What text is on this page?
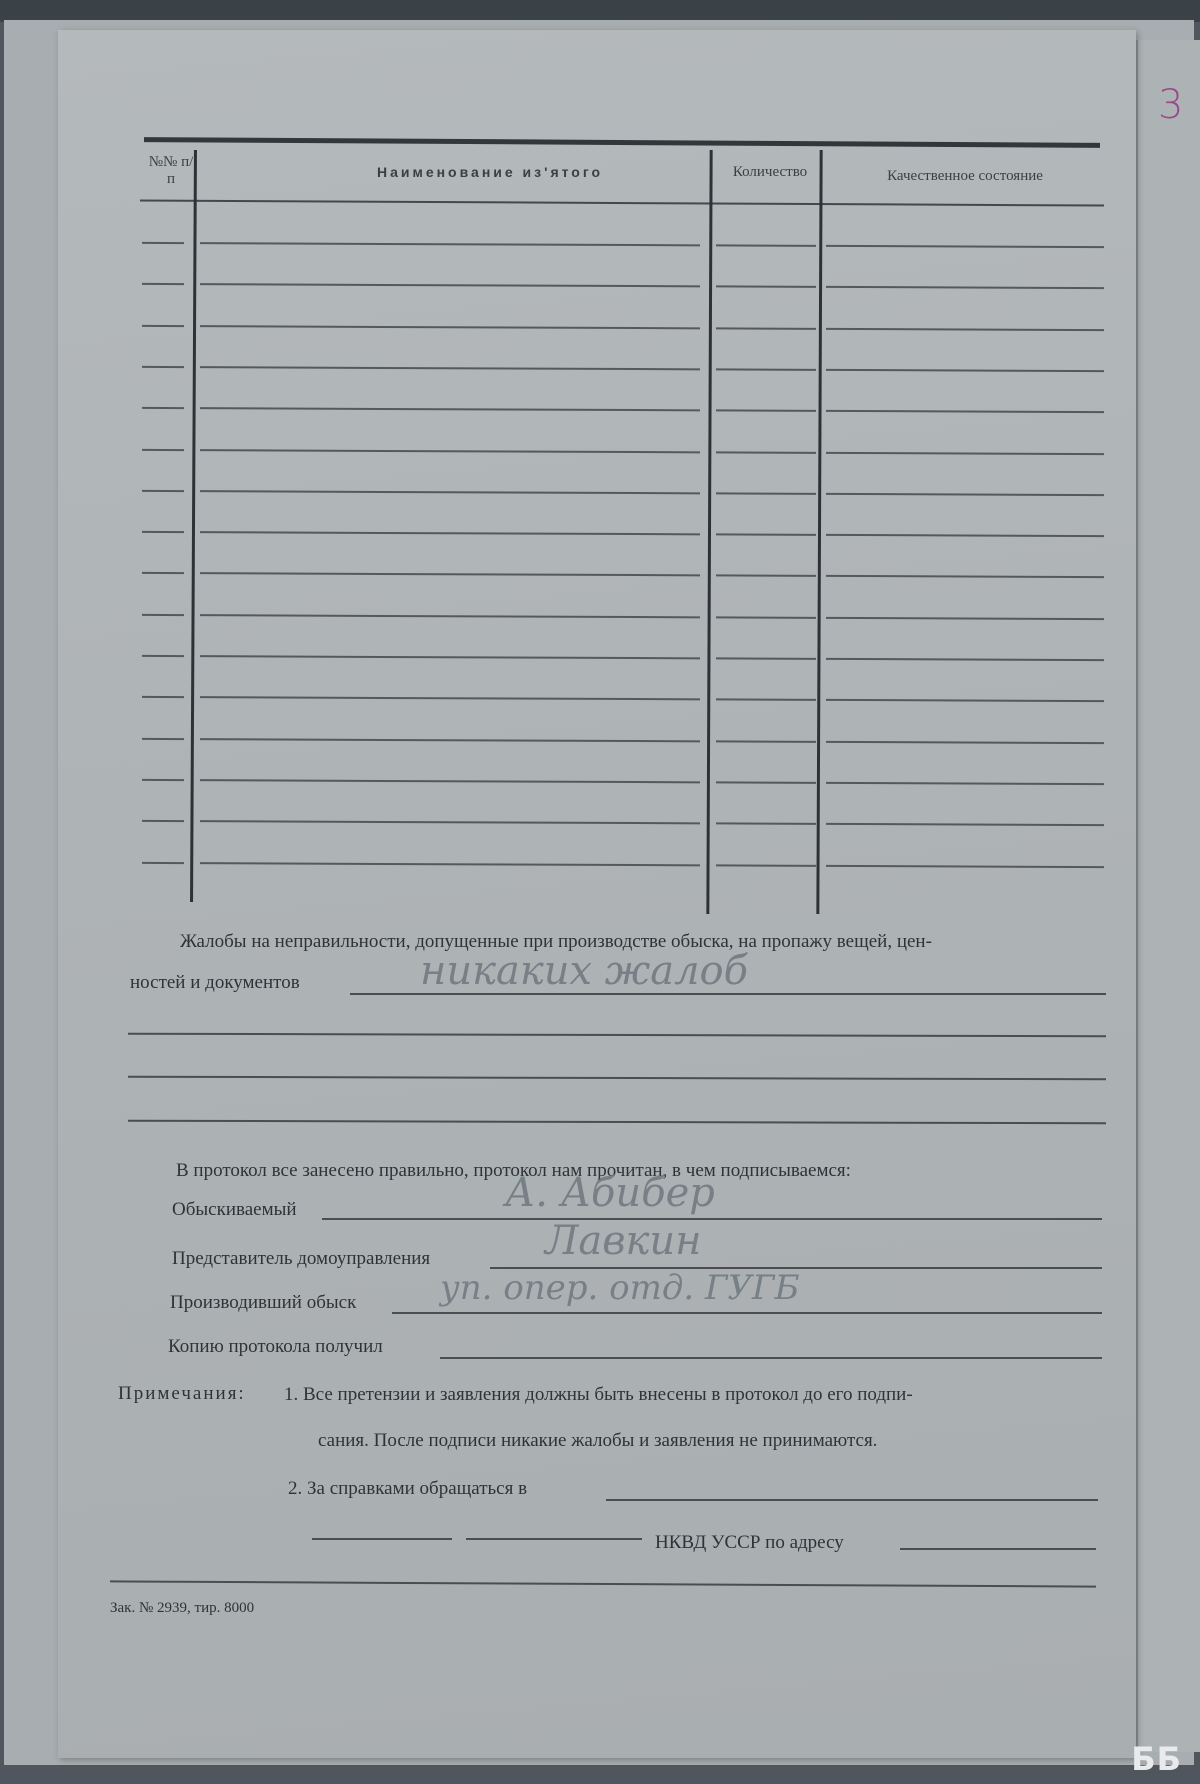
3
№№ п/п	Наименование из'ятого	Количество	Качественное состояние
Жалобы на неправильности, допущенные при производстве обыска, на пропажу вещей, цен-
ностей и документов	никаких жалоб
В протокол все занесено правильно, протокол нам прочитан, в чем подписываемся:
Обыскиваемый	А. Абибер
Представитель домоуправления	Лавкин
Производивший обыск уп. опер. отд. ГУГБ
Копию протокола получил
Примечания: 1. Все претензии и заявления должны быть внесены в протокол до его подпи-
сания. После подписи никакие жалобы и заявления не принимаются.
2. За справками обращаться в
НКВД УССР по адресу
Зак. № 2939, тир. 8000
ББ
